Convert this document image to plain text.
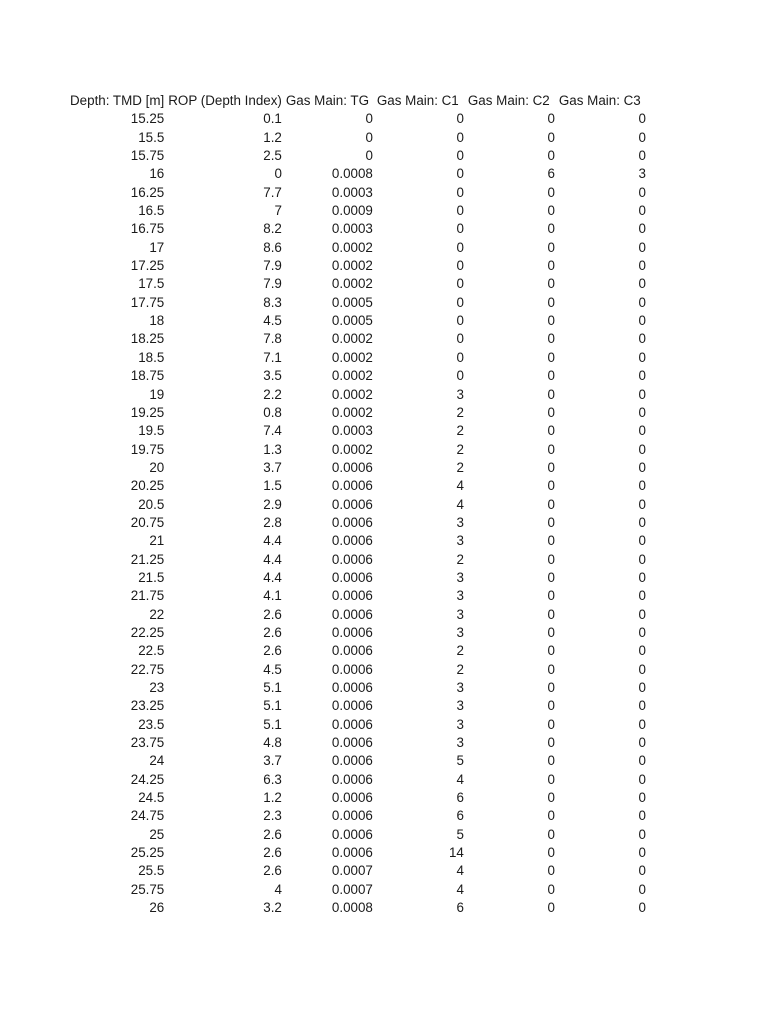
Depth: TMD [m]	ROP (Depth Index)	Gas Main: TG	Gas Main: C1	Gas Main: C2	Gas Main: C3
15.25	0.1	0	0	0	0
15.5	1.2	0	0	0	0
15.75	2.5	0	0	0	0
16	0	0.0008	0	6	3
16.25	7.7	0.0003	0	0	0
16.5	7	0.0009	0	0	0
16.75	8.2	0.0003	0	0	0
17	8.6	0.0002	0	0	0
17.25	7.9	0.0002	0	0	0
17.5	7.9	0.0002	0	0	0
17.75	8.3	0.0005	0	0	0
18	4.5	0.0005	0	0	0
18.25	7.8	0.0002	0	0	0
18.5	7.1	0.0002	0	0	0
18.75	3.5	0.0002	0	0	0
19	2.2	0.0002	3	0	0
19.25	0.8	0.0002	2	0	0
19.5	7.4	0.0003	2	0	0
19.75	1.3	0.0002	2	0	0
20	3.7	0.0006	2	0	0
20.25	1.5	0.0006	4	0	0
20.5	2.9	0.0006	4	0	0
20.75	2.8	0.0006	3	0	0
21	4.4	0.0006	3	0	0
21.25	4.4	0.0006	2	0	0
21.5	4.4	0.0006	3	0	0
21.75	4.1	0.0006	3	0	0
22	2.6	0.0006	3	0	0
22.25	2.6	0.0006	3	0	0
22.5	2.6	0.0006	2	0	0
22.75	4.5	0.0006	2	0	0
23	5.1	0.0006	3	0	0
23.25	5.1	0.0006	3	0	0
23.5	5.1	0.0006	3	0	0
23.75	4.8	0.0006	3	0	0
24	3.7	0.0006	5	0	0
24.25	6.3	0.0006	4	0	0
24.5	1.2	0.0006	6	0	0
24.75	2.3	0.0006	6	0	0
25	2.6	0.0006	5	0	0
25.25	2.6	0.0006	14	0	0
25.5	2.6	0.0007	4	0	0
25.75	4	0.0007	4	0	0
26	3.2	0.0008	6	0	0
